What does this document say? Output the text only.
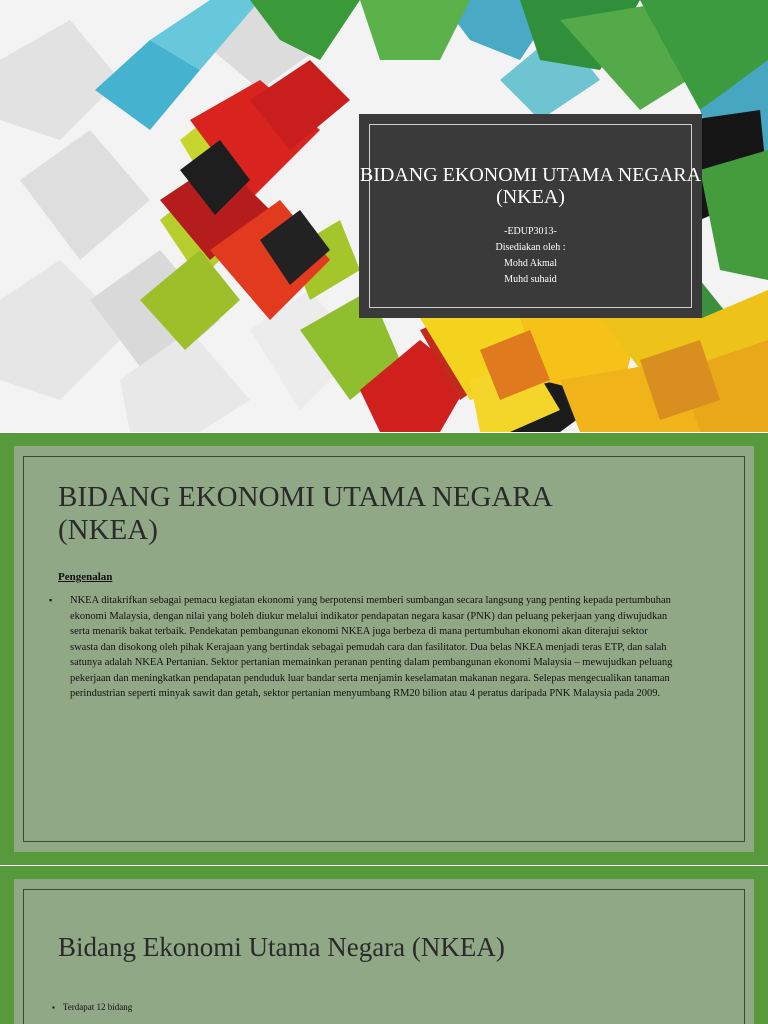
BIDANG EKONOMI UTAMA NEGARA (NKEA)
-EDUP3013-
Disediakan oleh :
Mohd Akmal
Muhd suhaid
BIDANG EKONOMI UTAMA NEGARA (NKEA)
Pengenalan
▪ NKEA ditakrifkan sebagai pemacu kegiatan ekonomi yang berpotensi memberi sumbangan secara langsung yang penting kepada pertumbuhan ekonomi Malaysia, dengan nilai yang boleh diukur melalui indikator pendapatan negara kasar (PNK) dan peluang pekerjaan yang diwujudkan serta menarik bakat terbaik. Pendekatan pembangunan ekonomi NKEA juga berbeza di mana pertumbuhan ekonomi akan diterajui sektor swasta dan disokong oleh pihak Kerajaan yang bertindak sebagai pemudah cara dan fasilitator. Dua belas NKEA menjadi teras ETP, dan salah satunya adalah NKEA Pertanian. Sektor pertanian memainkan peranan penting dalam pembangunan ekonomi Malaysia – mewujudkan peluang pekerjaan dan meningkatkan pendapatan penduduk luar bandar serta menjamin keselamatan makanan negara. Selepas mengecualikan tanaman perindustrian seperti minyak sawit dan getah, sektor pertanian menyumbang RM20 bilion atau 4 peratus daripada PNK Malaysia pada 2009.
Bidang Ekonomi Utama Negara (NKEA)
▪ Terdapat 12 bidang
